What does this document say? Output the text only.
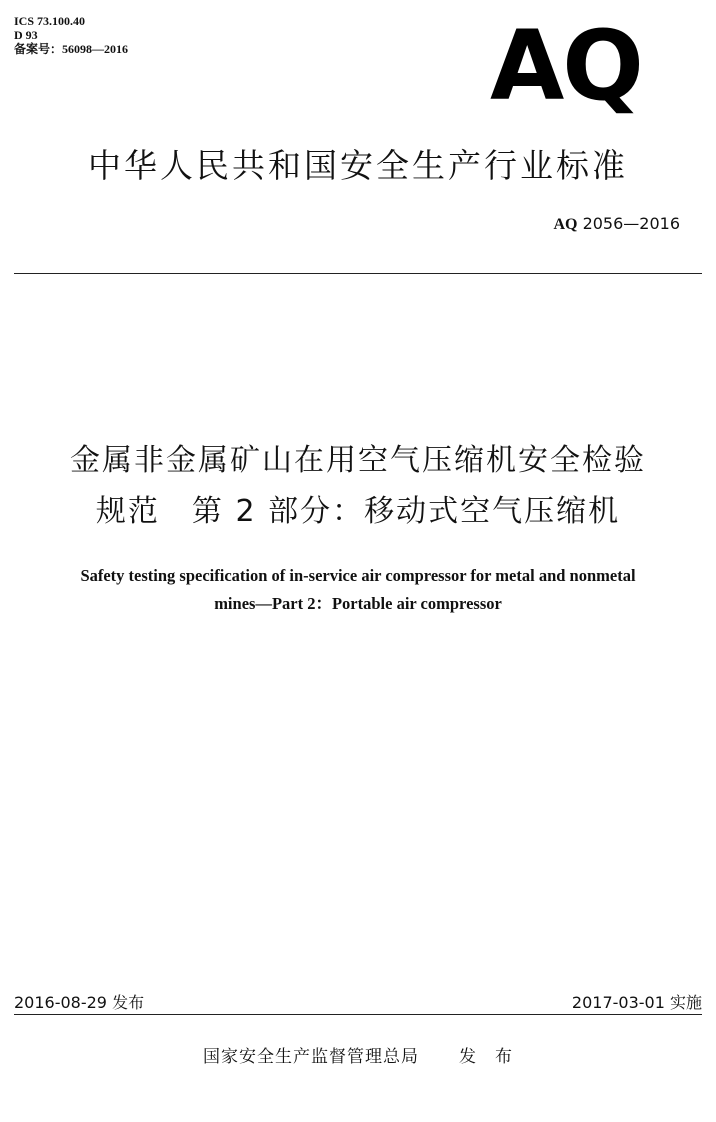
ICS 73.100.40
D 93
备案号：56098—2016	AQ
中华人民共和国安全生产行业标准
AQ 2056—2016
金属非金属矿山在用空气压缩机安全检验
规范　第 2 部分：移动式空气压缩机
Safety testing specification of in-service air compressor for metal and nonmetal
mines—Part 2：Portable air compressor
2016-08-29 发布	2017-03-01 实施
国家安全生产监督管理总局 发　布
